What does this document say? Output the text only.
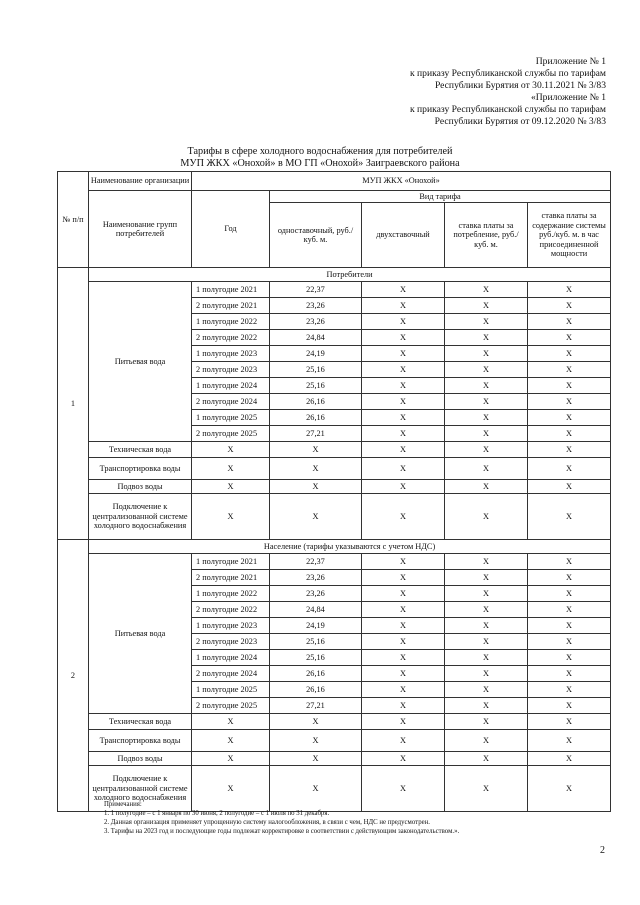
Приложение № 1
к приказу Республиканской службы по тарифам
Республики Бурятия от 30.11.2021 № 3/83
«Приложение № 1
к приказу Республиканской службы по тарифам
Республики Бурятия от 09.12.2020 № 3/83
Тарифы в сфере холодного водоснабжения для потребителей
МУП ЖКХ «Онохой» в МО ГП «Онохой» Заиграевского района
№ п/п	Наименование организации	МУП ЖКХ «Онохой»				
	Наименование групп потребителей	Год	Вид тарифа			
			одноставочный, руб./ куб. м.	двухставочный	ставка платы за потребление, руб./ куб. м.	ставка платы за содержание системы руб./куб. м. в час присоединенной мощности
1	Потребители					
	Питьевая вода	1 полугодие 2021	22,37	X	X	X
		2 полугодие 2021	23,26	X	X	X
		1 полугодие 2022	23,26	X	X	X
		2 полугодие 2022	24,84	X	X	X
		1 полугодие 2023	24,19	X	X	X
		2 полугодие 2023	25,16	X	X	X
		1 полугодие 2024	25,16	X	X	X
		2 полугодие 2024	26,16	X	X	X
		1 полугодие 2025	26,16	X	X	X
		2 полугодие 2025	27,21	X	X	X
	Техническая вода	X	X	X	X	X
	Транспортировка воды	X	X	X	X	X
	Подвоз воды	X	X	X	X	X
	Подключение к централизованной системе холодного водоснабжения	X	X	X	X	X
2	Население (тарифы указываются с учетом НДС)					
	Питьевая вода	1 полугодие 2021	22,37	X	X	X
		2 полугодие 2021	23,26	X	X	X
		1 полугодие 2022	23,26	X	X	X
		2 полугодие 2022	24,84	X	X	X
		1 полугодие 2023	24,19	X	X	X
		2 полугодие 2023	25,16	X	X	X
		1 полугодие 2024	25,16	X	X	X
		2 полугодие 2024	26,16	X	X	X
		1 полугодие 2025	26,16	X	X	X
		2 полугодие 2025	27,21	X	X	X
	Техническая вода	X	X	X	X	X
	Транспортировка воды	X	X	X	X	X
	Подвоз воды	X	X	X	X	X
	Подключение к централизованной системе холодного водоснабжения	X	X	X	X	X
Примечания:
1. 1 полугодие – с 1 января по 30 июня, 2 полугодие – с 1 июля по 31 декабря.
2. Данная организация применяет упрощенную систему налогообложения, в связи с чем, НДС не предусмотрен.
3. Тарифы на 2023 год и последующие годы подлежат корректировке в соответствии с действующим законодательством.».
2
